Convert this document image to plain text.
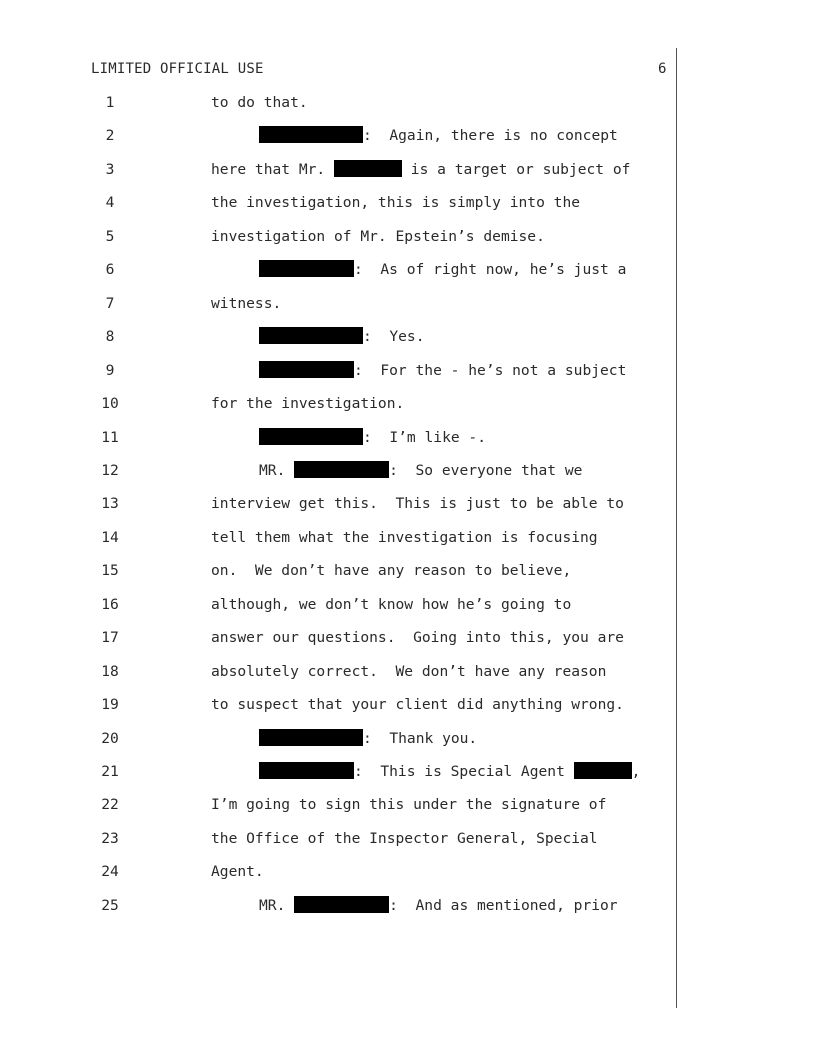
LIMITED OFFICIAL USE	6
1	to do that.
2	:  Again, there is no concept
3	here that Mr.	is a target or subject of
4	the investigation, this is simply into the
5	investigation of Mr. Epstein’s demise.
6	:  As of right now, he’s just a
7	witness.
8	:  Yes.
9	:  For the - he’s not a subject
10	for the investigation.
11	:  I’m like -.
12	MR.	:  So everyone that we
13	interview get this.  This is just to be able to
14	tell them what the investigation is focusing
15	on.  We don’t have any reason to believe,
16	although, we don’t know how he’s going to
17	answer our questions.  Going into this, you are
18	absolutely correct.  We don’t have any reason
19	to suspect that your client did anything wrong.
20	:  Thank you.
21	:  This is Special Agent	,
22	I’m going to sign this under the signature of
23	the Office of the Inspector General, Special
24	Agent.
25	MR.	:  And as mentioned, prior
